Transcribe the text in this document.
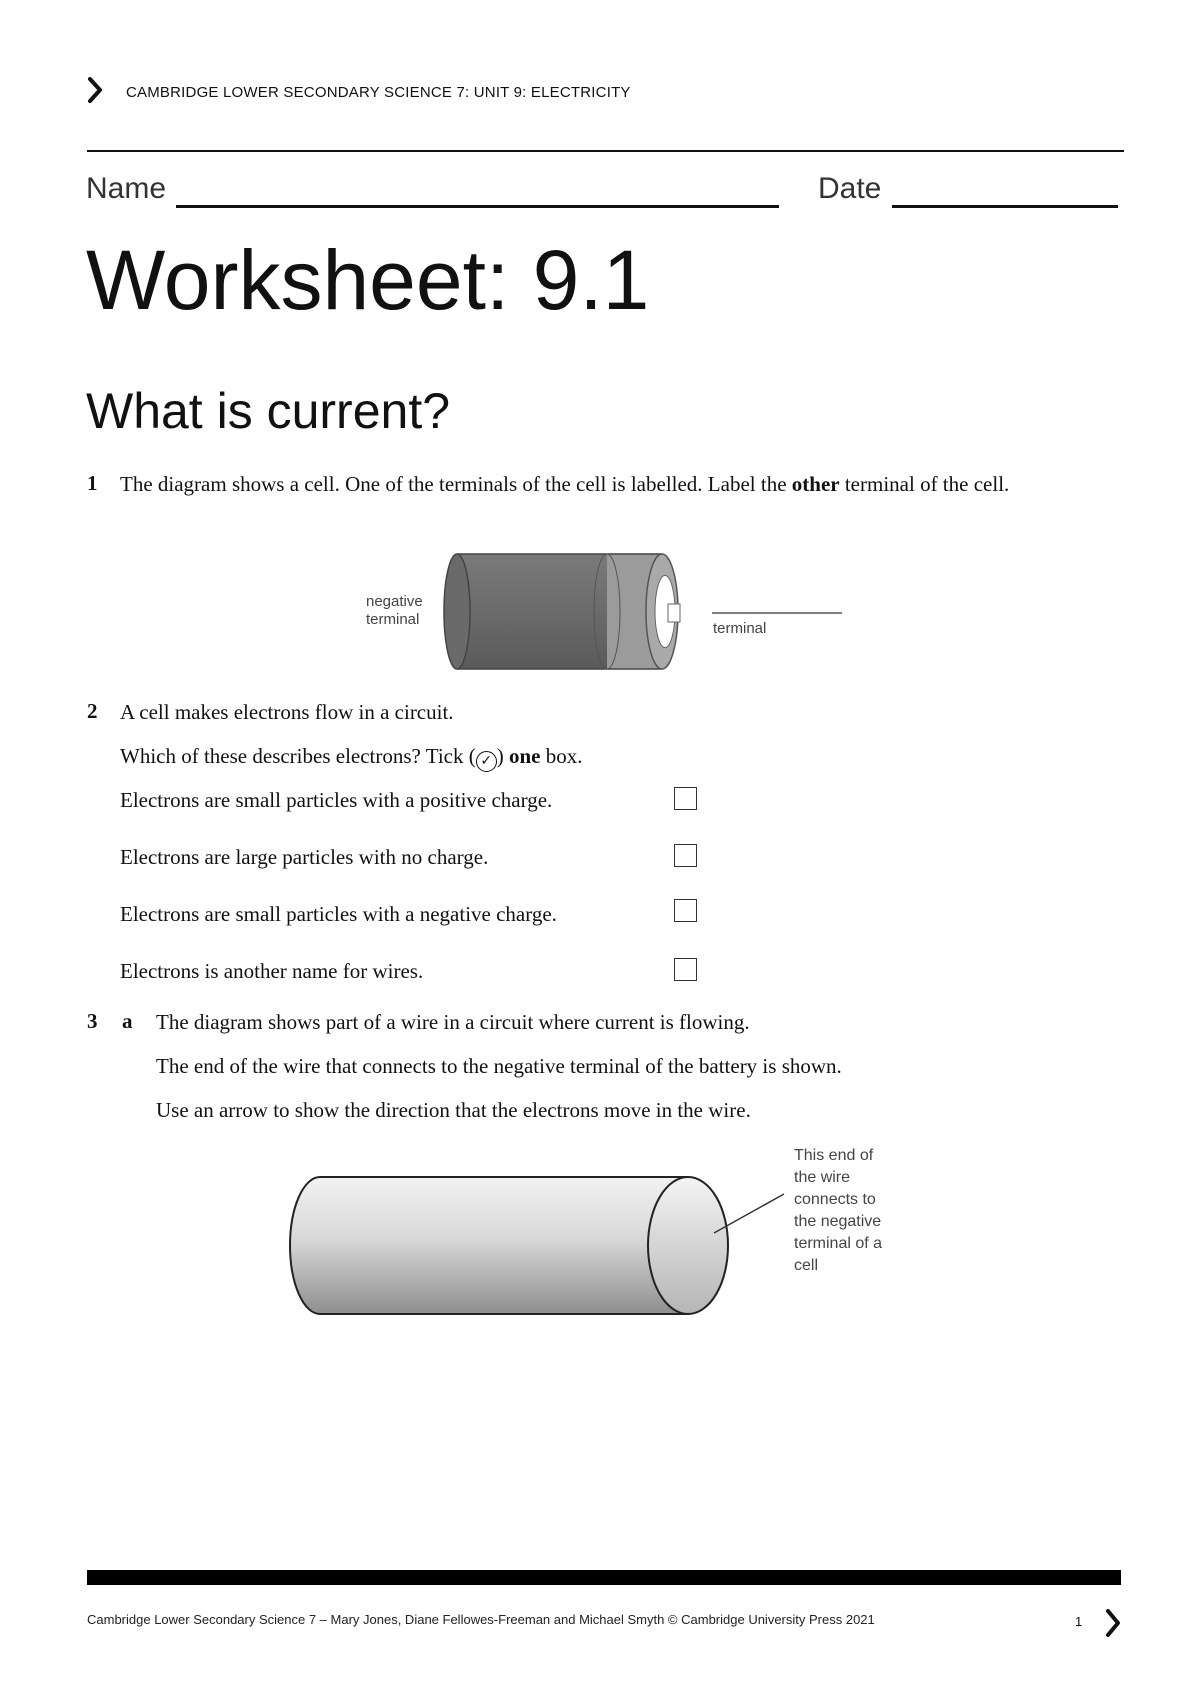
CAMBRIDGE LOWER SECONDARY SCIENCE 7: UNIT 9: ELECTRICITY
Name	Date
Worksheet: 9.1
What is current?
1 The diagram shows a cell. One of the terminals of the cell is labelled. Label the other terminal of the cell.
negative
terminal
terminal
2 A cell makes electrons flow in a circuit.
Which of these describes electrons? Tick ( ✓ ) one box.
Electrons are small particles with a positive charge.
Electrons are large particles with no charge.
Electrons are small particles with a negative charge.
Electrons is another name for wires.
3 a The diagram shows part of a wire in a circuit where current is flowing.
The end of the wire that connects to the negative terminal of the battery is shown.
Use an arrow to show the direction that the electrons move in the wire.
This end of
the wire
connects to
the negative
terminal of a
cell
Cambridge Lower Secondary Science 7 – Mary Jones, Diane Fellowes-Freeman and Michael Smyth © Cambridge University Press 2021	1
